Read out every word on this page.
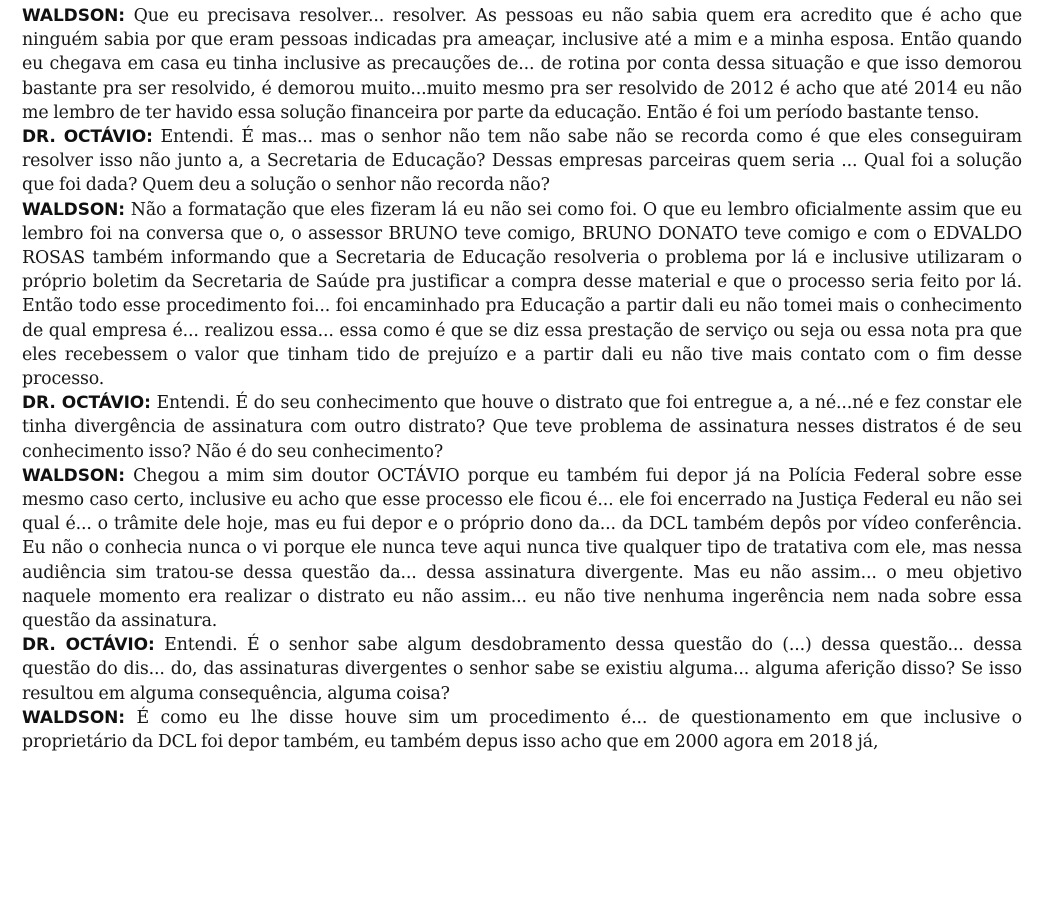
WALDSON: Que eu precisava resolver... resolver. As pessoas eu não sabia quem era acredito que é acho que ninguém sabia por que eram pessoas indicadas pra ameaçar, inclusive até a mim e a minha esposa. Então quando eu chegava em casa eu tinha inclusive as precauções de... de rotina por conta dessa situação e que isso demorou bastante pra ser resolvido, é demorou muito...muito mesmo pra ser resolvido de 2012 é acho que até 2014 eu não me lembro de ter havido essa solução financeira por parte da educação. Então é foi um período bastante tenso.

DR. OCTÁVIO: Entendi. É mas... mas o senhor não tem não sabe não se recorda como é que eles conseguiram resolver isso não junto a, a Secretaria de Educação? Dessas empresas parceiras quem seria ... Qual foi a solução que foi dada? Quem deu a solução o senhor não recorda não?

WALDSON: Não a formatação que eles fizeram lá eu não sei como foi. O que eu lembro oficialmente assim que eu lembro foi na conversa que o, o assessor BRUNO teve comigo, BRUNO DONATO teve comigo e com o EDVALDO ROSAS também informando que a Secretaria de Educação resolveria o problema por lá e inclusive utilizaram o próprio boletim da Secretaria de Saúde pra justificar a compra desse material e que o processo seria feito por lá. Então todo esse procedimento foi... foi encaminhado pra Educação a partir dali eu não tomei mais o conhecimento de qual empresa é... realizou essa... essa como é que se diz essa prestação de serviço ou seja ou essa nota pra que eles recebessem o valor que tinham tido de prejuízo e a partir dali eu não tive mais contato com o fim desse processo.

DR. OCTÁVIO: Entendi. É do seu conhecimento que houve o distrato que foi entregue a, a né...né e fez constar ele tinha divergência de assinatura com outro distrato? Que teve problema de assinatura nesses distratos é de seu conhecimento isso? Não é do seu conhecimento?

WALDSON: Chegou a mim sim doutor OCTÁVIO porque eu também fui depor já na Polícia Federal sobre esse mesmo caso certo, inclusive eu acho que esse processo ele ficou é... ele foi encerrado na Justiça Federal eu não sei qual é... o trâmite dele hoje, mas eu fui depor e o próprio dono da... da DCL também depôs por vídeo conferência. Eu não o conhecia nunca o vi porque ele nunca teve aqui nunca tive qualquer tipo de tratativa com ele, mas nessa audiência sim tratou-se dessa questão da... dessa assinatura divergente. Mas eu não assim... o meu objetivo naquele momento era realizar o distrato eu não assim... eu não tive nenhuma ingerência nem nada sobre essa questão da assinatura.

DR. OCTÁVIO: Entendi. É o senhor sabe algum desdobramento dessa questão do (...) dessa questão... dessa questão do dis... do, das assinaturas divergentes o senhor sabe se existiu alguma... alguma aferição disso? Se isso resultou em alguma consequência, alguma coisa?

WALDSON: É como eu lhe disse houve sim um procedimento é... de questionamento em que inclusive o proprietário da DCL foi depor também, eu também depus isso acho que em 2000 agora em 2018 já,
